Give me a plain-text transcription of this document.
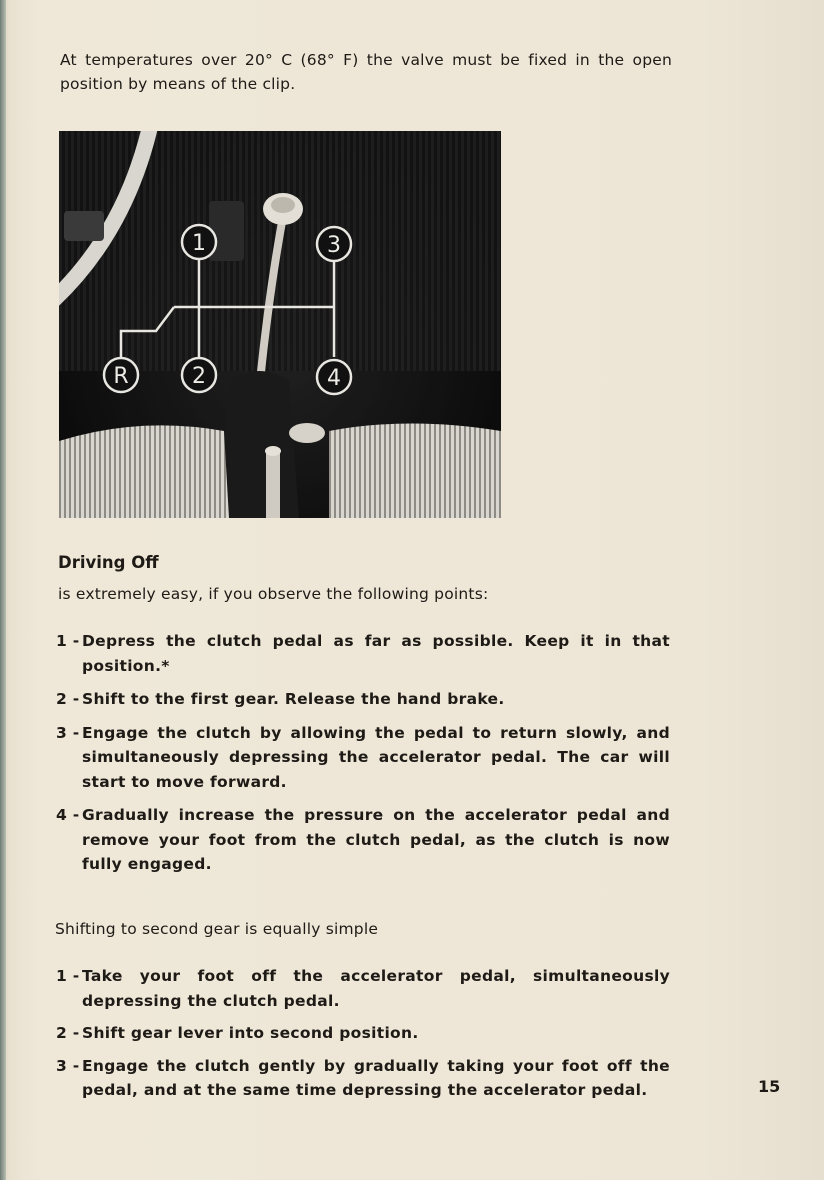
At temperatures over 20° C (68° F) the valve must be fixed in the open position by means of the clip.

1	3
R	2	4
Driving Off
is extremely easy, if you observe the following points:
1 - Depress the clutch pedal as far as possible. Keep it in that position.*
2 - Shift to the first gear. Release the hand brake.
3 - Engage the clutch by allowing the pedal to return slowly, and simultaneously depressing the accelerator pedal. The car will start to move forward.
4 - Gradually increase the pressure on the accelerator pedal and remove your foot from the clutch pedal, as the clutch is now fully engaged.
Shifting to second gear is equally simple
1 - Take your foot off the accelerator pedal, simultaneously depressing the clutch pedal.
2 - Shift gear lever into second position.
3 - Engage the clutch gently by gradually taking your foot off the pedal, and at the same time depressing the accelerator pedal.	15
